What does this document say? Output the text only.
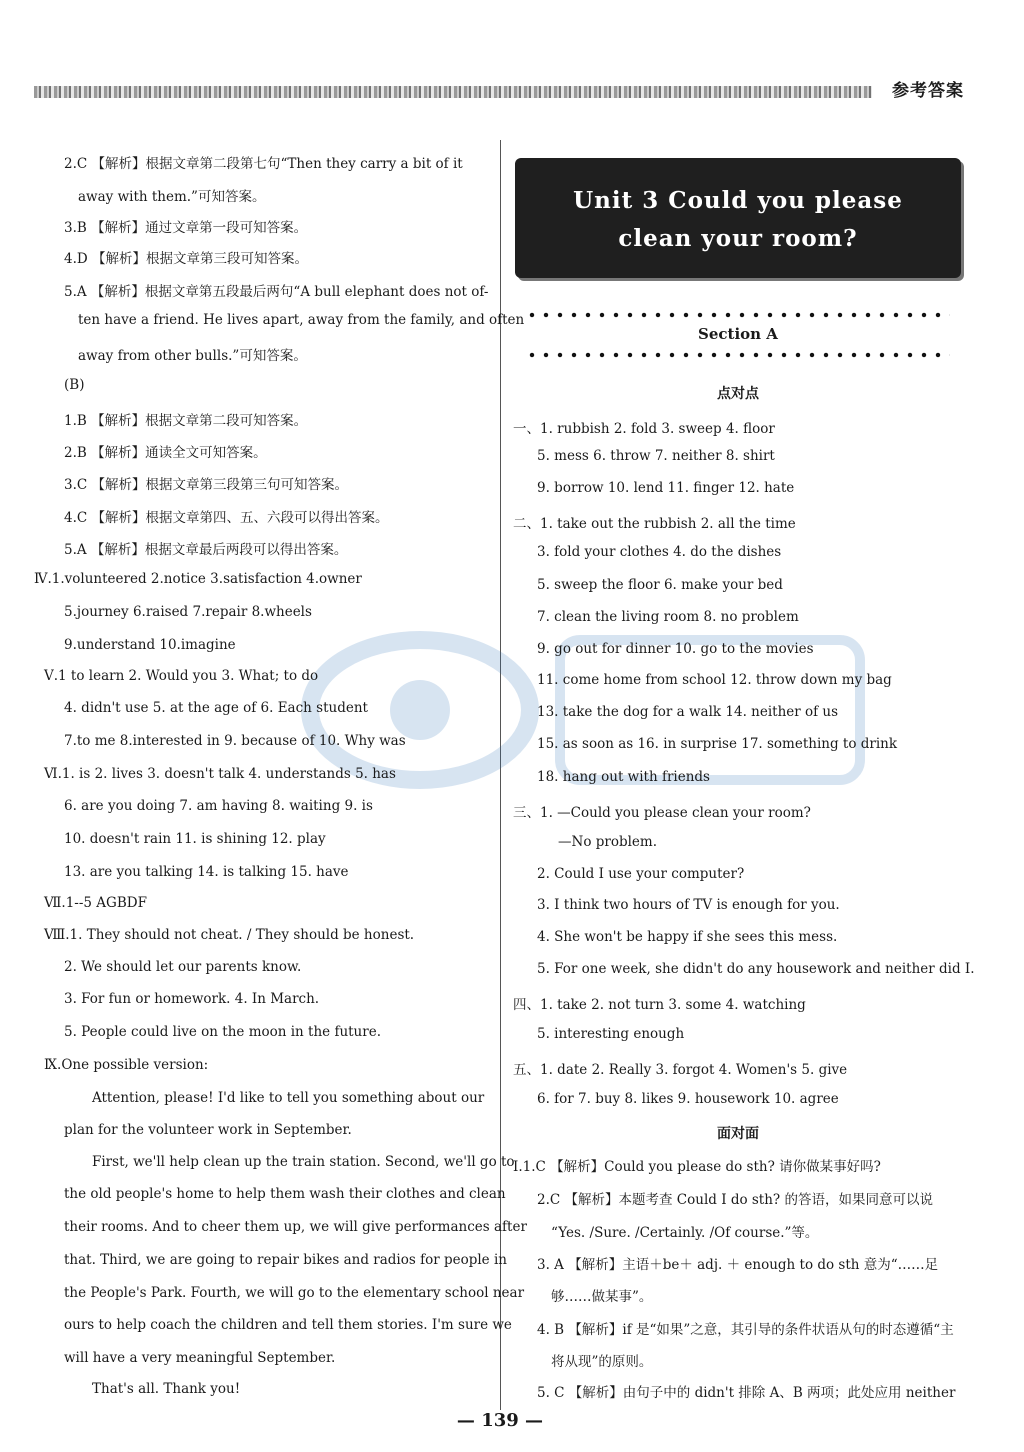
参考答案
Unit 3 Could you please
clean your room?
Section A
点对点
面对面
— 139 —
2.C 【解析】根据文章第二段第七句“Then they carry a bit of it
away with them.”可知答案。
3.B 【解析】通过文章第一段可知答案。
4.D 【解析】根据文章第三段可知答案。
5.A 【解析】根据文章第五段最后两句“A bull elephant does not of-
ten have a friend. He lives apart, away from the family, and often
away from other bulls.”可知答案。
(B)
1.B 【解析】根据文章第二段可知答案。
2.B 【解析】通读全文可知答案。
3.C 【解析】根据文章第三段第三句可知答案。
4.C 【解析】根据文章第四、五、六段可以得出答案。
5.A 【解析】根据文章最后两段可以得出答案。
Ⅳ.1.volunteered 2.notice 3.satisfaction 4.owner
5.journey 6.raised 7.repair 8.wheels
9.understand 10.imagine
Ⅴ.1 to learn 2. Would you 3. What; to do
4. didn't use 5. at the age of 6. Each student
7.to me 8.interested in 9. because of 10. Why was
Ⅵ.1. is 2. lives 3. doesn't talk 4. understands 5. has
6. are you doing 7. am having 8. waiting 9. is
10. doesn't rain 11. is shining 12. play
13. are you talking 14. is talking 15. have
Ⅶ.1--5 AGBDF
Ⅷ.1. They should not cheat. / They should be honest.
2. We should let our parents know.
3. For fun or homework. 4. In March.
5. People could live on the moon in the future.
Ⅸ.One possible version:
Attention, please! I'd like to tell you something about our
plan for the volunteer work in September.
First, we'll help clean up the train station. Second, we'll go to
the old people's home to help them wash their clothes and clean
their rooms. And to cheer them up, we will give performances after
that. Third, we are going to repair bikes and radios for people in
the People's Park. Fourth, we will go to the elementary school near
ours to help coach the children and tell them stories. I'm sure we
will have a very meaningful September.
That's all. Thank you!
一、1. rubbish 2. fold 3. sweep 4. floor
5. mess 6. throw 7. neither 8. shirt
9. borrow 10. lend 11. finger 12. hate
二、1. take out the rubbish 2. all the time
3. fold your clothes 4. do the dishes
5. sweep the floor 6. make your bed
7. clean the living room 8. no problem
9. go out for dinner 10. go to the movies
11. come home from school 12. throw down my bag
13. take the dog for a walk 14. neither of us
15. as soon as 16. in surprise 17. something to drink
18. hang out with friends
三、1. —Could you please clean your room?
—No problem.
2. Could I use your computer?
3. I think two hours of TV is enough for you.
4. She won't be happy if she sees this mess.
5. For one week, she didn't do any housework and neither did I.
四、1. take 2. not turn 3. some 4. watching
5. interesting enough
五、1. date 2. Really 3. forgot 4. Women's 5. give
6. for 7. buy 8. likes 9. housework 10. agree
Ⅰ.1.C 【解析】Could you please do sth? 请你做某事好吗?
2.C 【解析】本题考查 Could I do sth? 的答语，如果同意可以说
“Yes. /Sure. /Certainly. /Of course.”等。
3. A 【解析】主语＋be＋ adj. ＋ enough to do sth 意为“……足
够……做某事”。
4. B 【解析】if 是“如果”之意，其引导的条件状语从句的时态遵循“主
将从现”的原则。
5. C 【解析】由句子中的 didn't 排除 A、B 两项；此处应用 neither
